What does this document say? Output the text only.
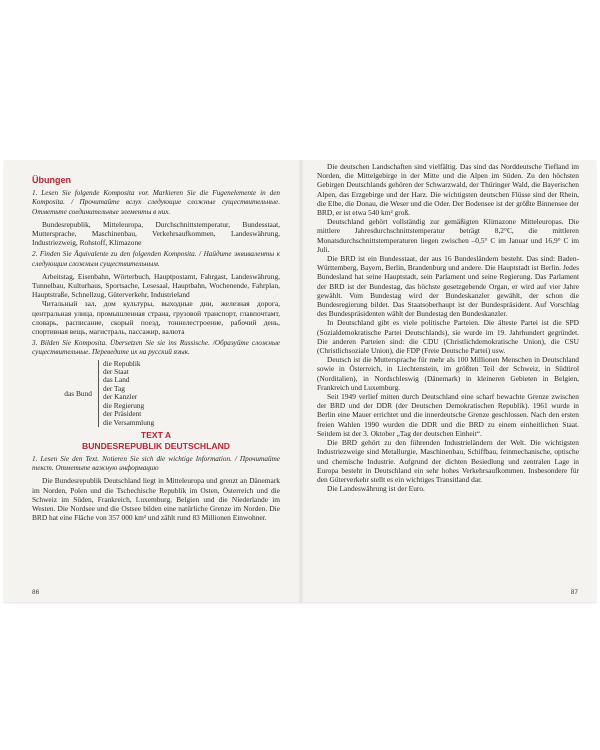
Übungen

1. Lesen Sie folgende Komposita vor. Markieren Sie die Fugenelemente in den Komposita. / Прочитайте вслух следующие сложные существительные. Отметьте соединительные элементы в них.

Bundesrepublik, Mitteleuropa, Durchschnittstemperatur, Bundesstaat, Muttersprache, Maschinenbau, Verkehrsaufkommen, Landeswährung, Industriezweig, Rohstoff, Klimazone

2. Finden Sie Äquivalente zu den folgenden Komposita. / Найдите эквиваленты к следующим сложным существительным.

Arbeitstag, Eisenbahn, Wörterbuch, Hauptpostamt, Fahrgast, Landeswährung, Tunnelbau, Kulturhaus, Sportsache, Lesesaal, Hauptbahn, Wochenende, Fahrplan, Hauptstraße, Schnellzug, Güterverkehr, Industrieland

Читальный зал, дом культуры, выходные дни, железная дорога, центральная улица, промышленная страна, грузовой транспорт, главпочтамт, словарь, расписание, скорый поезд, тоннелестроение, рабочий день, спортивная вещь, магистраль, пассажир, валюта

3. Bilden Sie Komposita. Übersetzen Sie sie ins Russische. /Образуйте сложные существительные. Переведите их на русский язык.

das Bund
die Republik
der Staat
das Land
der Tag
der Kanzler
die Regierung
der Präsident
die Versammlung
TEXT A
BUNDESREPUBLIK DEUTSCHLAND

1. Lesen Sie den Text. Notieren Sie sich die wichtige Information. / Прочитайте текст. Отметьте важную информацию

Die Bundesrepublik Deutschland liegt in Mitteleuropa und grenzt an Dänemark im Norden, Polen und die Tschechische Republik im Osten, Österreich und die Schweiz im Süden, Frankreich, Luxemburg, Belgien und die Niederlande im Westen. Die Nordsee und die Ostsee bilden eine natürliche Grenze im Norden. Die BRD hat eine Fläche von 357 000 km² und zählt rund 83 Millionen Einwohner.

86

Die deutschen Landschaften sind vielfältig. Das sind das Norddeutsche Tiefland im Norden, die Mittelgebirge in der Mitte und die Alpen im Süden. Zu den höchsten Gebirgen Deutschlands gehören der Schwarzwald, der Thüringer Wald, die Bayerischen Alpen, das Erzgebirge und der Harz. Die wichtigsten deutschen Flüsse sind der Rhein, die Elbe, die Donau, die Weser und die Oder. Der Bodensee ist der größte Binnensee der BRD, er ist etwa 540 km² groß.

Deutschland gehört vollständig zur gemäßigten Klimazone Mitteleuropas. Die mittlere Jahresdurchschnittstemperatur beträgt 8,2°C, die mittleren Monatsdurchschnittstemperaturen liegen zwischen –0,5° C im Januar und 16,9° C im Juli.

Die BRD ist ein Bundesstaat, der aus 16 Bundesländern besteht. Das sind: Baden-Württemberg, Bayern, Berlin, Brandenburg und andere. Die Hauptstadt ist Berlin. Jedes Bundesland hat seine Hauptstadt, sein Parlament und seine Regierung. Das Parlament der BRD ist der Bundestag, das höchste gesetzgebende Organ, er wird auf vier Jahre gewählt. Vom Bundestag wird der Bundeskanzler gewählt, der schon die Bundesregierung bildet. Das Staatsoberhaupt ist der Bundespräsident. Auf Vorschlag des Bundespräsidenten wählt der Bundestag den Bundeskanzler.

In Deutschland gibt es viele politische Parteien. Die älteste Partei ist die SPD (Sozialdemokratische Partei Deutschlands), sie wurde im 19. Jahrhundert gegründet. Die anderen Parteien sind: die CDU (Christlichdemokratische Union), die CSU (Christlichsoziale Union), die FDP (Freie Deutsche Partei) usw.

Deutsch ist die Muttersprache für mehr als 100 Millionen Menschen in Deutschland sowie in Österreich, in Liechtenstein, im größten Teil der Schweiz, in Südtirol (Norditalien), in Nordschleswig (Dänemark) in kleineren Gebieten in Belgien, Frankreich und Luxemburg.

Seit 1949 verlief mitten durch Deutschland eine scharf bewachte Grenze zwischen der BRD und der DDR (der Deutschen Demokratischen Republik). 1961 wurde in Berlin eine Mauer errichtet und die innerdeutsche Grenze geschlossen. Nach den ersten freien Wahlen 1990 wurden die DDR und die BRD zu einem einheitlichen Staat. Seitdem ist der 3. Oktober „Tag der deutschen Einheit“.

Die BRD gehört zu den führenden Industrieländern der Welt. Die wichtigsten Industriezweige sind Metallurgie, Maschinenbau, Schiffbau, feinmechanische, optische und chemische Industrie. Aufgrund der dichten Besiedlung und zentralen Lage in Europa besteht in Deutschland ein sehr hohes Verkehrsaufkommen. Insbesondere für den Güterverkehr stellt es ein wichtiges Transitland dar.

Die Landeswährung ist der Euro.

87
